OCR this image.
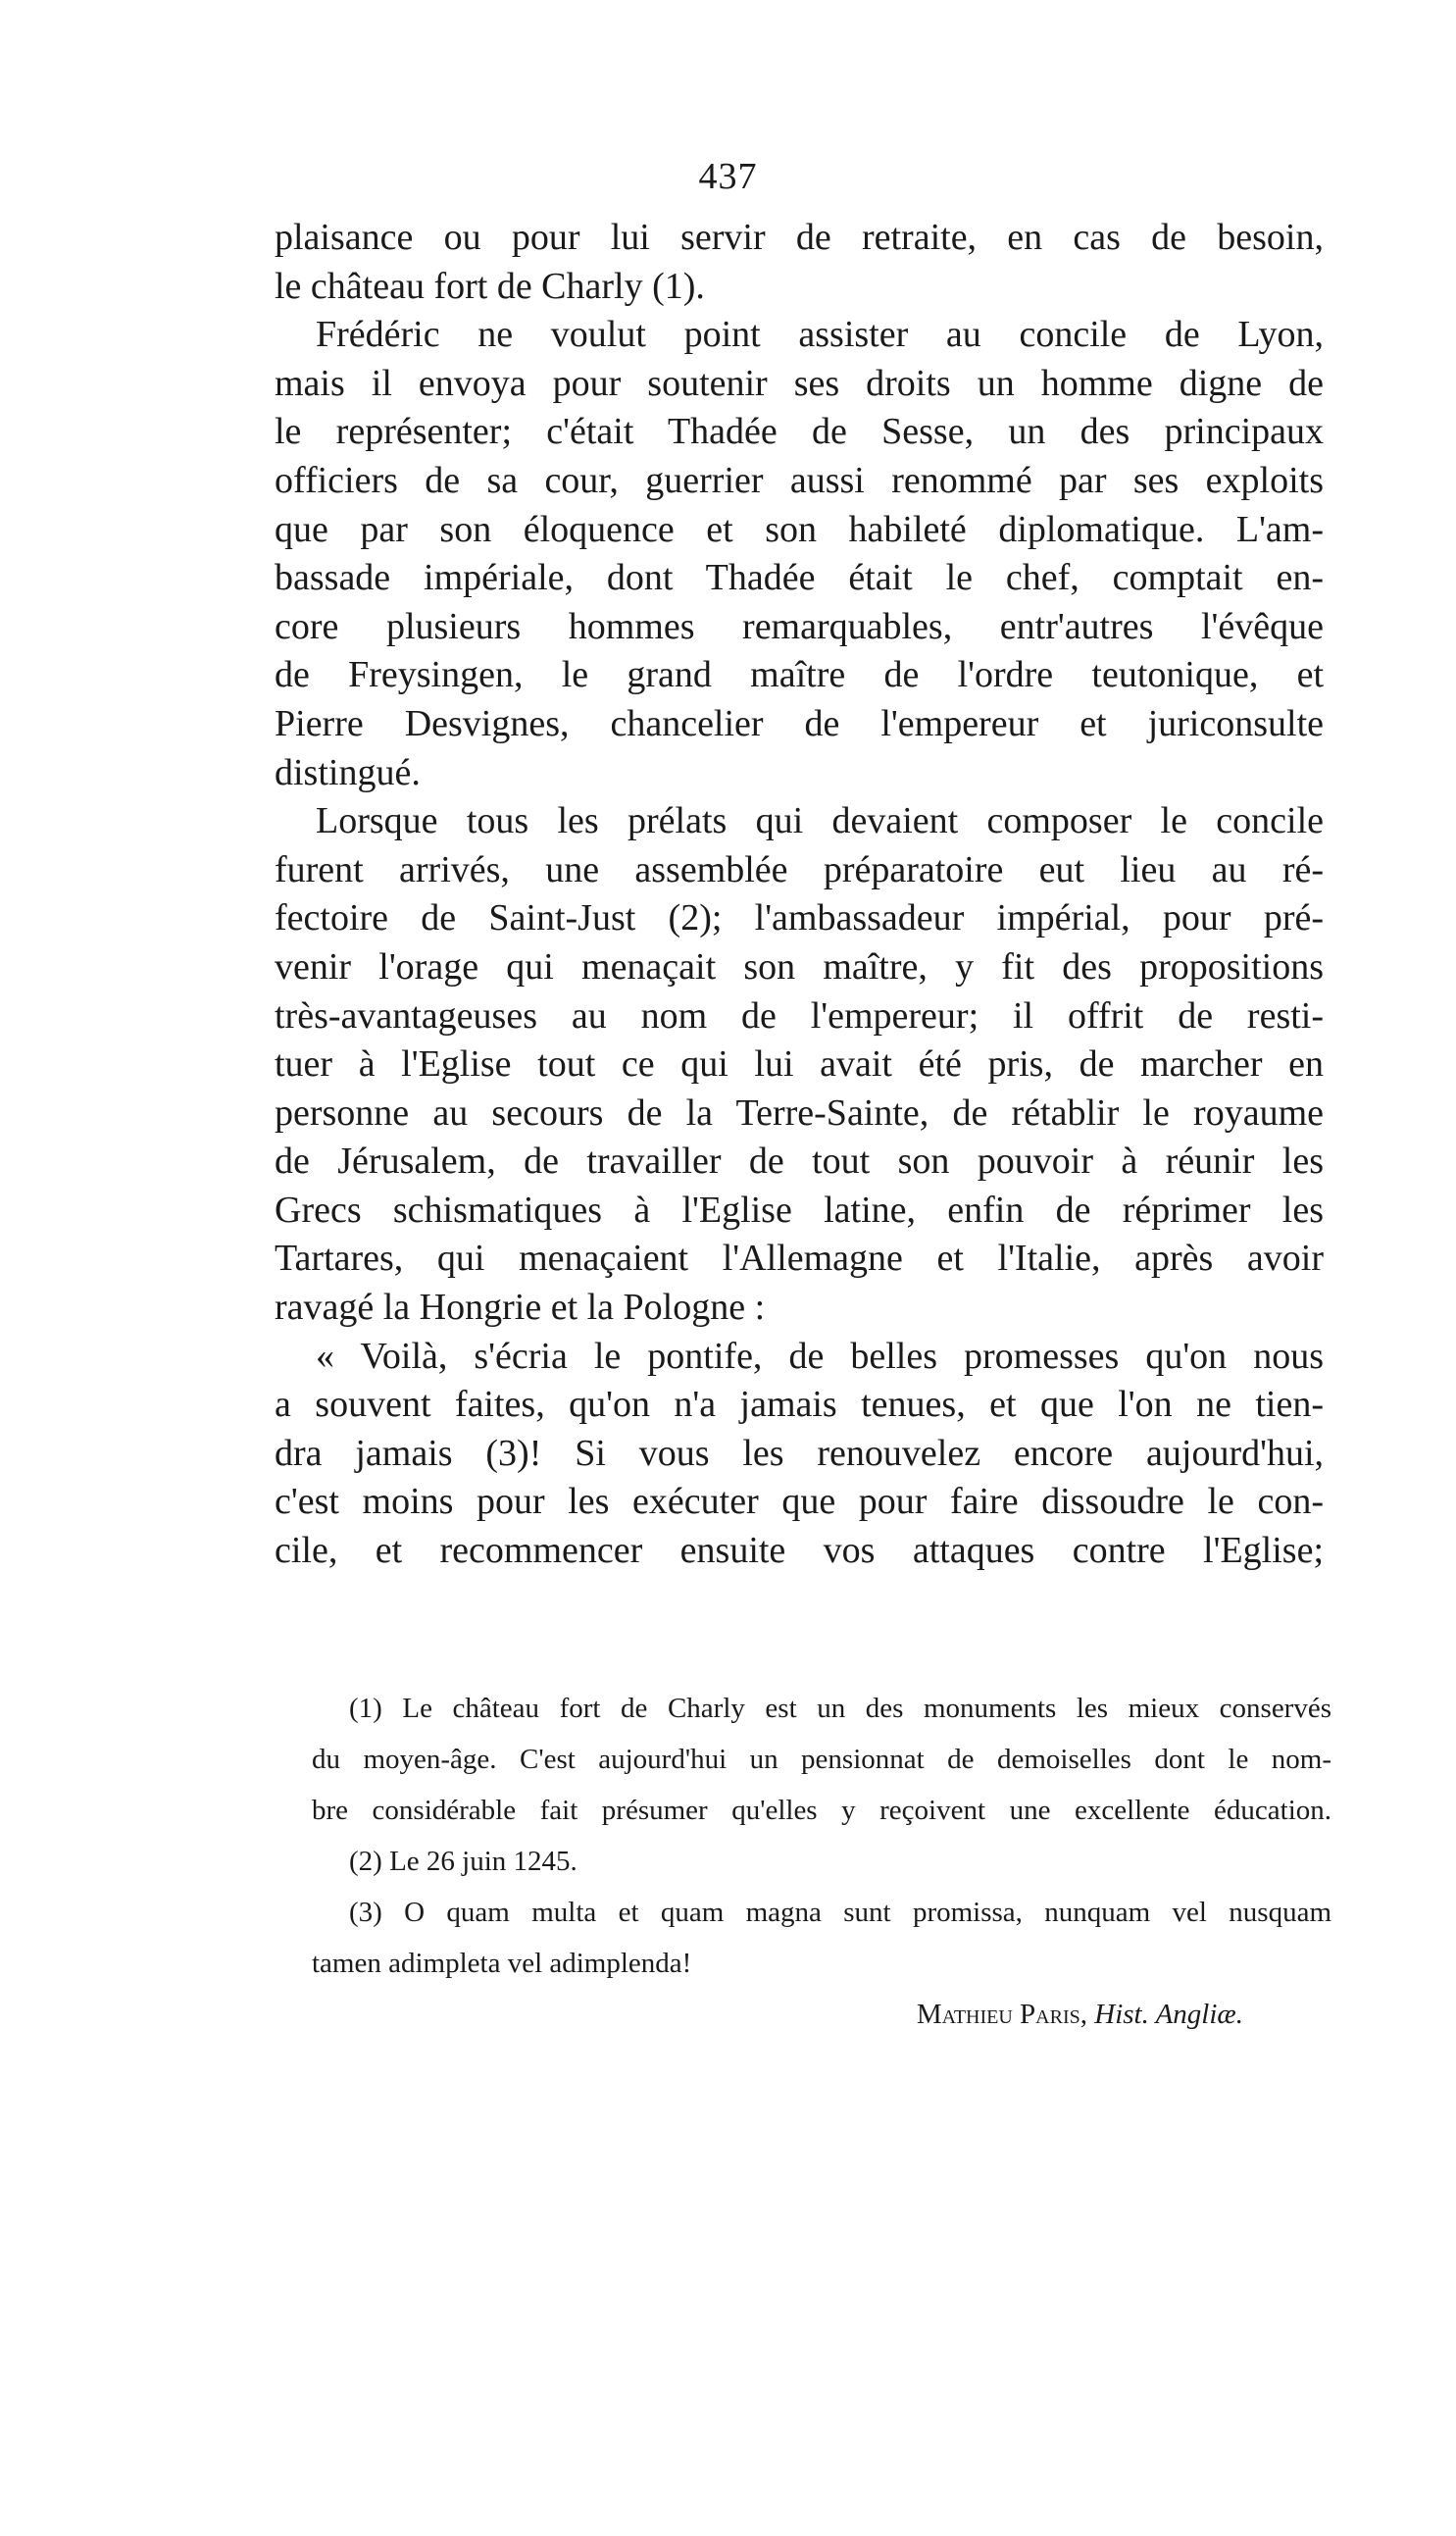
437
plaisance ou pour lui servir de retraite, en cas de besoin,
le château fort de Charly (1).
Frédéric ne voulut point assister au concile de Lyon,
mais il envoya pour soutenir ses droits un homme digne de
le représenter; c'était Thadée de Sesse, un des principaux
officiers de sa cour, guerrier aussi renommé par ses exploits
que par son éloquence et son habileté diplomatique. L'am-
bassade impériale, dont Thadée était le chef, comptait en-
core plusieurs hommes remarquables, entr'autres l'évêque
de Freysingen, le grand maître de l'ordre teutonique, et
Pierre Desvignes, chancelier de l'empereur et juriconsulte
distingué.
Lorsque tous les prélats qui devaient composer le concile
furent arrivés, une assemblée préparatoire eut lieu au ré-
fectoire de Saint-Just (2); l'ambassadeur impérial, pour pré-
venir l'orage qui menaçait son maître, y fit des propositions
très-avantageuses au nom de l'empereur; il offrit de resti-
tuer à l'Eglise tout ce qui lui avait été pris, de marcher en
personne au secours de la Terre-Sainte, de rétablir le royaume
de Jérusalem, de travailler de tout son pouvoir à réunir les
Grecs schismatiques à l'Eglise latine, enfin de réprimer les
Tartares, qui menaçaient l'Allemagne et l'Italie, après avoir
ravagé la Hongrie et la Pologne :
« Voilà, s'écria le pontife, de belles promesses qu'on nous
a souvent faites, qu'on n'a jamais tenues, et que l'on ne tien-
dra jamais (3)! Si vous les renouvelez encore aujourd'hui,
c'est moins pour les exécuter que pour faire dissoudre le con-
cile, et recommencer ensuite vos attaques contre l'Eglise;
(1) Le château fort de Charly est un des monuments les mieux conservés
du moyen-âge. C'est aujourd'hui un pensionnat de demoiselles dont le nom-
bre considérable fait présumer qu'elles y reçoivent une excellente éducation.
(2) Le 26 juin 1245.
(3) O quam multa et quam magna sunt promissa, nunquam vel nusquam
tamen adimpleta vel adimplenda!
Mathieu Paris, Hist. Angliæ.
